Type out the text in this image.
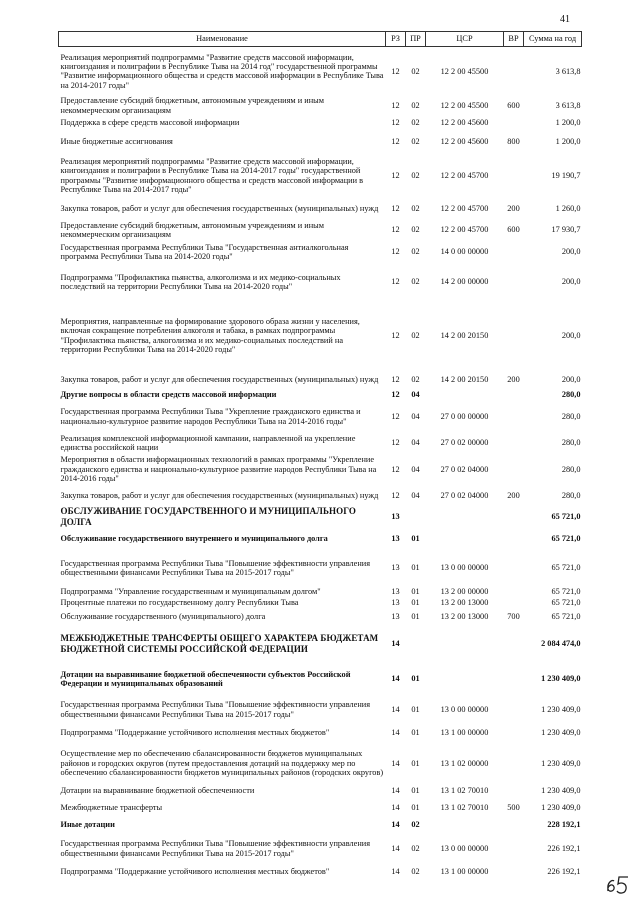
41
Наименование	РЗ	ПР	ЦСР	ВР	Сумма на год
Реализация мероприятий подпрограммы "Развитие средств массовой информации, книгоиздания и полиграфии в Республике Тыва на 2014 год" государственной программы "Развитие информационного общества и средств массовой информации в Республике Тыва на 2014-2017 годы"	12	02	12 2 00 45500		3 613,8
Предоставление субсидий бюджетным, автономным учреждениям и иным некоммерческим организациям	12	02	12 2 00 45500	600	3 613,8
Поддержка в сфере средств массовой информации	12	02	12 2 00 45600		1 200,0
Иные бюджетные ассигнования	12	02	12 2 00 45600	800	1 200,0
Реализация мероприятий подпрограммы "Развитие средств массовой информации, книгоиздания и полиграфии в Республике Тыва на 2014-2017 годы" государственной программы "Развитие информационного общества и средств массовой информации в Республике Тыва на 2014-2017 годы"	12	02	12 2 00 45700		19 190,7
Закупка товаров, работ и услуг для обеспечения государственных (муниципальных) нужд	12	02	12 2 00 45700	200	1 260,0
Предоставление субсидий бюджетным, автономным учреждениям и иным некоммерческим организациям	12	02	12 2 00 45700	600	17 930,7
Государственная программа Республики Тыва "Государственная антиалкогольная программа Республики Тыва на 2014-2020 годы"	12	02	14 0 00 00000		200,0
Подпрограмма "Профилактика пьянства, алкоголизма и их медико-социальных последствий на территории Республики Тыва на 2014-2020 годы"	12	02	14 2 00 00000		200,0
Мероприятия, направленные на формирование здорового образа жизни у населения, включая сокращение потребления алкоголя и табака, в рамках подпрограммы "Профилактика пьянства, алкоголизма и их медико-социальных последствий на территории Республики Тыва на 2014-2020 годы"	12	02	14 2 00 20150		200,0
Закупка товаров, работ и услуг для обеспечения государственных (муниципальных) нужд	12	02	14 2 00 20150	200	200,0
Другие вопросы в области средств массовой информации	12	04			280,0
Государственная программа Республики Тыва "Укрепление гражданского единства и национально-культурное развитие народов Республики Тыва на 2014-2016 годы"	12	04	27 0 00 00000		280,0
Реализация комплексной информационной кампании, направленной на укрепление единства российской нации	12	04	27 0 02 00000		280,0
Мероприятия в области информационных технологий в рамках программы "Укрепление гражданского единства и национально-культурное развитие народов Республики Тыва на 2014-2016 годы"	12	04	27 0 02 04000		280,0
Закупка товаров, работ и услуг для обеспечения государственных (муниципальных) нужд	12	04	27 0 02 04000	200	280,0
ОБСЛУЖИВАНИЕ ГОСУДАРСТВЕННОГО И МУНИЦИПАЛЬНОГО ДОЛГА	13				65 721,0
Обслуживание государственного внутреннего и муниципального долга	13	01			65 721,0
Государственная программа Республики Тыва "Повышение эффективности управления общественными финансами Республики Тыва на 2015-2017 годы"	13	01	13 0 00 00000		65 721,0
Подпрограмма "Управление государственным и муниципальным долгом"	13	01	13 2 00 00000		65 721,0
Процентные платежи по государственному долгу Республики Тыва	13	01	13 2 00 13000		65 721,0
Обслуживание государственного (муниципального) долга	13	01	13 2 00 13000	700	65 721,0
МЕЖБЮДЖЕТНЫЕ ТРАНСФЕРТЫ ОБЩЕГО ХАРАКТЕРА БЮДЖЕТАМ БЮДЖЕТНОЙ СИСТЕМЫ РОССИЙСКОЙ ФЕДЕРАЦИИ	14				2 084 474,0
Дотации на выравнивание бюджетной обеспеченности субъектов Российской Федерации и муниципальных образований	14	01			1 230 409,0
Государственная программа Республики Тыва "Повышение эффективности управления общественными финансами Республики Тыва на 2015-2017 годы"	14	01	13 0 00 00000		1 230 409,0
Подпрограмма "Поддержание устойчивого исполнения местных бюджетов"	14	01	13 1 00 00000		1 230 409,0
Осуществление мер по обеспечению сбалансированности бюджетов муниципальных районов и городских округов (путем предоставления дотаций на поддержку мер по обеспечению сбалансированности бюджетов муниципальных районов (городских округов)	14	01	13 1 02 00000		1 230 409,0
Дотации на выравнивание бюджетной обеспеченности	14	01	13 1 02 70010		1 230 409,0
Межбюджетные трансферты	14	01	13 1 02 70010	500	1 230 409,0
Иные дотации	14	02			228 192,1
Государственная программа Республики Тыва "Повышение эффективности управления общественными финансами Республики Тыва на 2015-2017 годы"	14	02	13 0 00 00000		226 192,1
Подпрограмма "Поддержание устойчивого исполнения местных бюджетов"	14	02	13 1 00 00000		226 192,1
